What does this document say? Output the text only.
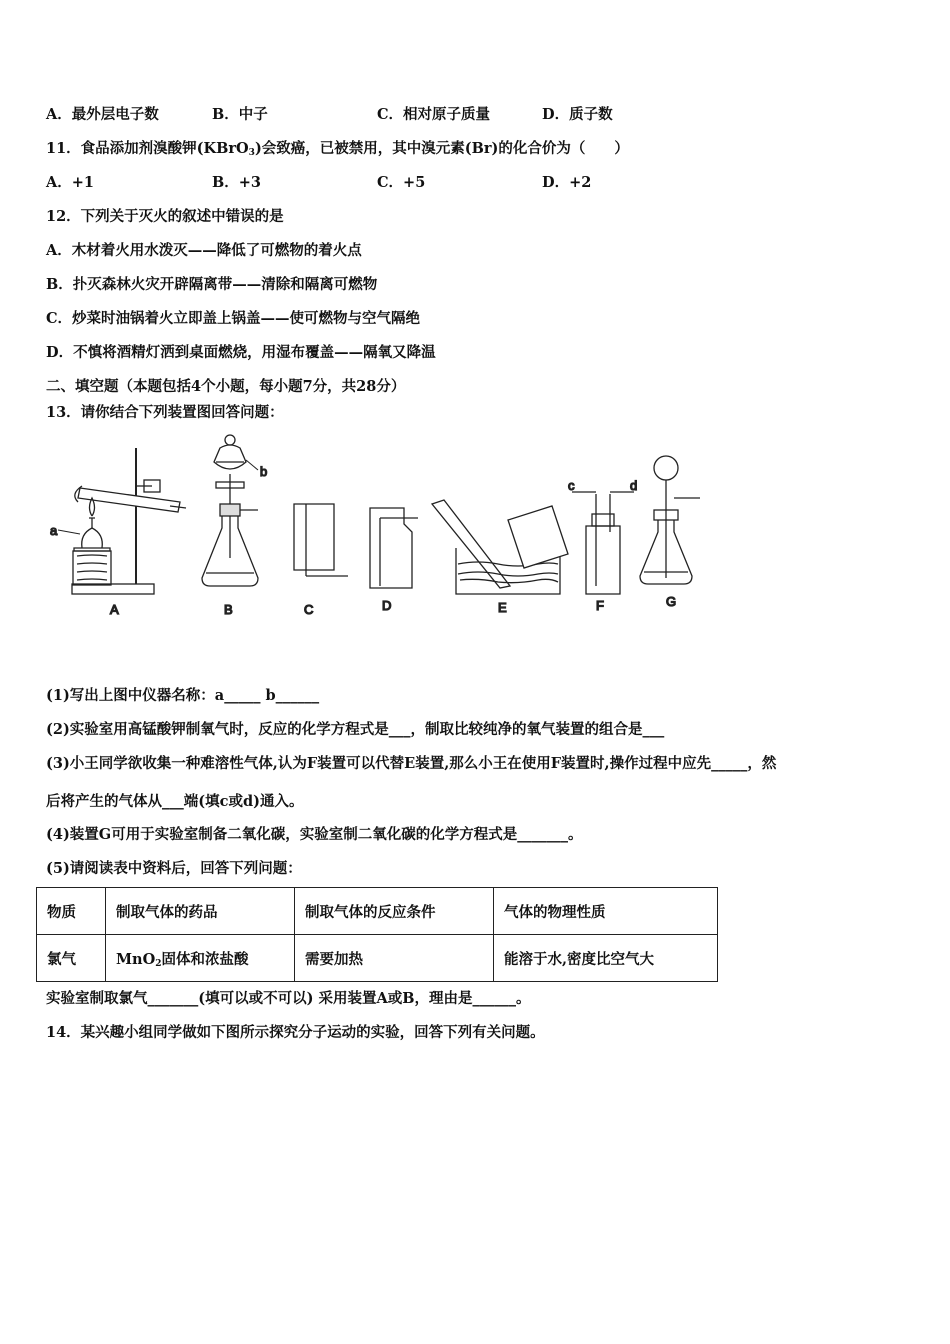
A．最外层电子数	B．中子	C．相对原子质量	D．质子数
11．食品添加剂溴酸钾(KBrO$_3$)会致癌，已被禁用，其中溴元素(Br)的化合价为（　　）
A．+1	B．+3	C．+5	D．+2
12．下列关于灭火的叙述中错误的是
A．木材着火用水泼灭——降低了可燃物的着火点
B．扑灭森林火灾开辟隔离带——清除和隔离可燃物
C．炒菜时油锅着火立即盖上锅盖——使可燃物与空气隔绝
D．不慎将酒精灯洒到桌面燃烧，用湿布覆盖——隔氧又降温
二、填空题（本题包括4个小题，每小题7分，共28分）
13．请你结合下列装置图回答问题：
a
A
b
B	C	D	E
c	d
F	G
(1)写出上图中仪器名称：a_____ b______
(2)实验室用高锰酸钾制氧气时，反应的化学方程式是___，制取比较纯净的氧气装置的组合是___
(3)小王同学欲收集一种难溶性气体,认为F装置可以代替E装置,那么小王在使用F装置时,操作过程中应先_____，然
后将产生的气体从___端(填c或d)通入。
(4)装置G可用于实验室制备二氧化碳，实验室制二氧化碳的化学方程式是_______。
(5)请阅读表中资料后，回答下列问题：
物质	制取气体的药品	制取气体的反应条件	气体的物理性质
氯气	MnO$_2$固体和浓盐酸	需要加热	能溶于水,密度比空气大
实验室制取氯气_______(填可以或不可以) 采用装置A或B，理由是______。
14．某兴趣小组同学做如下图所示探究分子运动的实验，回答下列有关问题。
